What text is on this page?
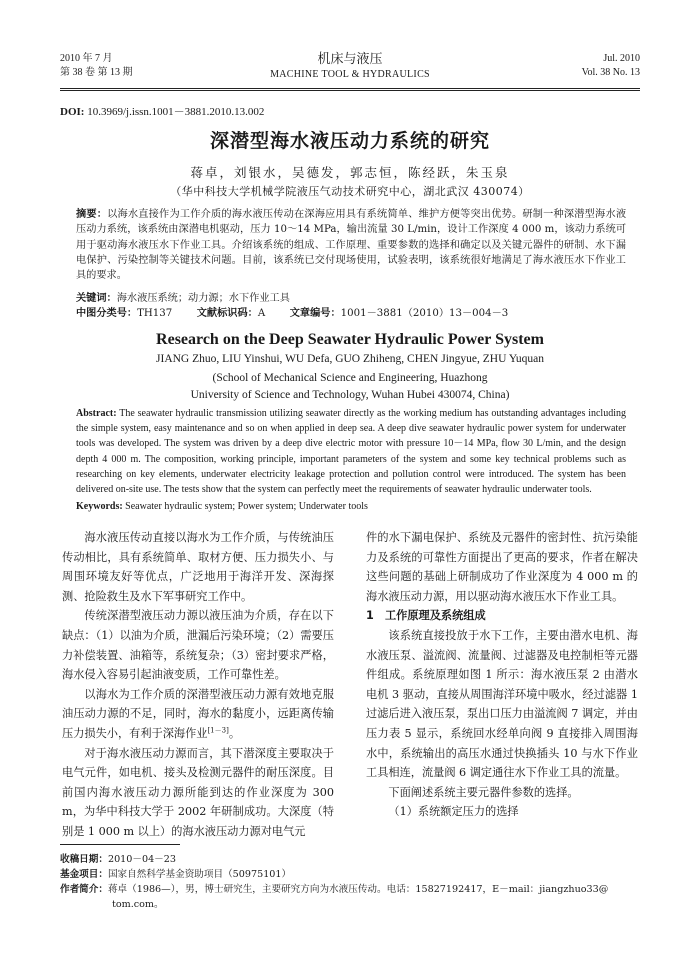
2010 年 7 月
第 38 卷 第 13 期
机床与液压
MACHINE TOOL & HYDRAULICS
Jul. 2010
Vol. 38 No. 13
DOI: 10.3969/j.issn.1001－3881.2010.13.002
深潜型海水液压动力系统的研究
蒋卓，刘银水，吴德发，郭志恒，陈经跃，朱玉泉
（华中科技大学机械学院液压气动技术研究中心，湖北武汉 430074）
摘要：以海水直接作为工作介质的海水液压传动在深海应用具有系统简单、维护方便等突出优势。研制一种深潜型海水液压动力系统，该系统由深潜电机驱动，压力 10～14 MPa，输出流量 30 L/min，设计工作深度 4 000 m，该动力系统可用于驱动海水液压水下作业工具。介绍该系统的组成、工作原理、重要参数的选择和确定以及关键元器件的研制、水下漏电保护、污染控制等关键技术问题。目前，该系统已交付现场使用，试验表明，该系统很好地满足了海水液压水下作业工具的要求。
关键词：海水液压系统；动力源；水下作业工具
中图分类号：TH137 文献标识码：A 文章编号：1001－3881（2010）13－004－3
Research on the Deep Seawater Hydraulic Power System
JIANG Zhuo, LIU Yinshui, WU Defa, GUO Zhiheng, CHEN Jingyue, ZHU Yuquan
(School of Mechanical Science and Engineering, Huazhong
University of Science and Technology, Wuhan Hubei 430074, China)
Abstract: The seawater hydraulic transmission utilizing seawater directly as the working medium has outstanding advantages including the simple system, easy maintenance and so on when applied in deep sea. A deep dive seawater hydraulic power system for underwater tools was developed. The system was driven by a deep dive electric motor with pressure 10－14 MPa, flow 30 L/min, and the design depth 4 000 m. The composition, working principle, important parameters of the system and some key technical problems such as researching on key elements, underwater electricity leakage protection and pollution control were introduced. The system has been delivered on-site use. The tests show that the system can perfectly meet the requirements of seawater hydraulic underwater tools.
Keywords: Seawater hydraulic system; Power system; Underwater tools

海水液压传动直接以海水为工作介质，与传统油压传动相比，具有系统简单、取材方便、压力损失小、与周围环境友好等优点，广泛地用于海洋开发、深海探测、抢险救生及水下军事研究工作中。

传统深潜型液压动力源以液压油为介质，存在以下缺点：（1）以油为介质，泄漏后污染环境；（2）需要压力补偿装置、油箱等，系统复杂；（3）密封要求严格，海水侵入容易引起油液变质，工作可靠性差。

以海水为工作介质的深潜型液压动力源有效地克服油压动力源的不足，同时，海水的黏度小，远距离传输压力损失小，有利于深海作业[1－3]。

对于海水液压动力源而言，其下潜深度主要取决于电气元件，如电机、接头及检测元器件的耐压深度。目前国内海水液压动力源所能到达的作业深度为 300 m，为华中科技大学于 2002 年研制成功。大深度（特别是 1 000 m 以上）的海水液压动力源对电气元

件的水下漏电保护、系统及元器件的密封性、抗污染能力及系统的可靠性方面提出了更高的要求，作者在解决这些问题的基础上研制成功了作业深度为 4 000 m 的海水液压动力源，用以驱动海水液压水下作业工具。

1　工作原理及系统组成

该系统直接投放于水下工作，主要由潜水电机、海水液压泵、溢流阀、流量阀、过滤器及电控制柜等元器件组成。系统原理如图 1 所示：海水液压泵 2 由潜水电机 3 驱动，直接从周围海洋环境中吸水，经过滤器 1 过滤后进入液压泵，泵出口压力由溢流阀 7 调定，并由压力表 5 显示，系统回水经单向阀 9 直接排入周围海水中，系统输出的高压水通过快换插头 10 与水下作业工具相连，流量阀 6 调定通往水下作业工具的流量。

下面阐述系统主要元器件参数的选择。

（1）系统额定压力的选择

收稿日期：2010－04－23
基金项目：国家自然科学基金资助项目（50975101）
作者简介：蒋卓（1986—），男，博士研究生，主要研究方向为水液压传动。电话：15827192417，E－mail：jiangzhuo33@
tom.com。
